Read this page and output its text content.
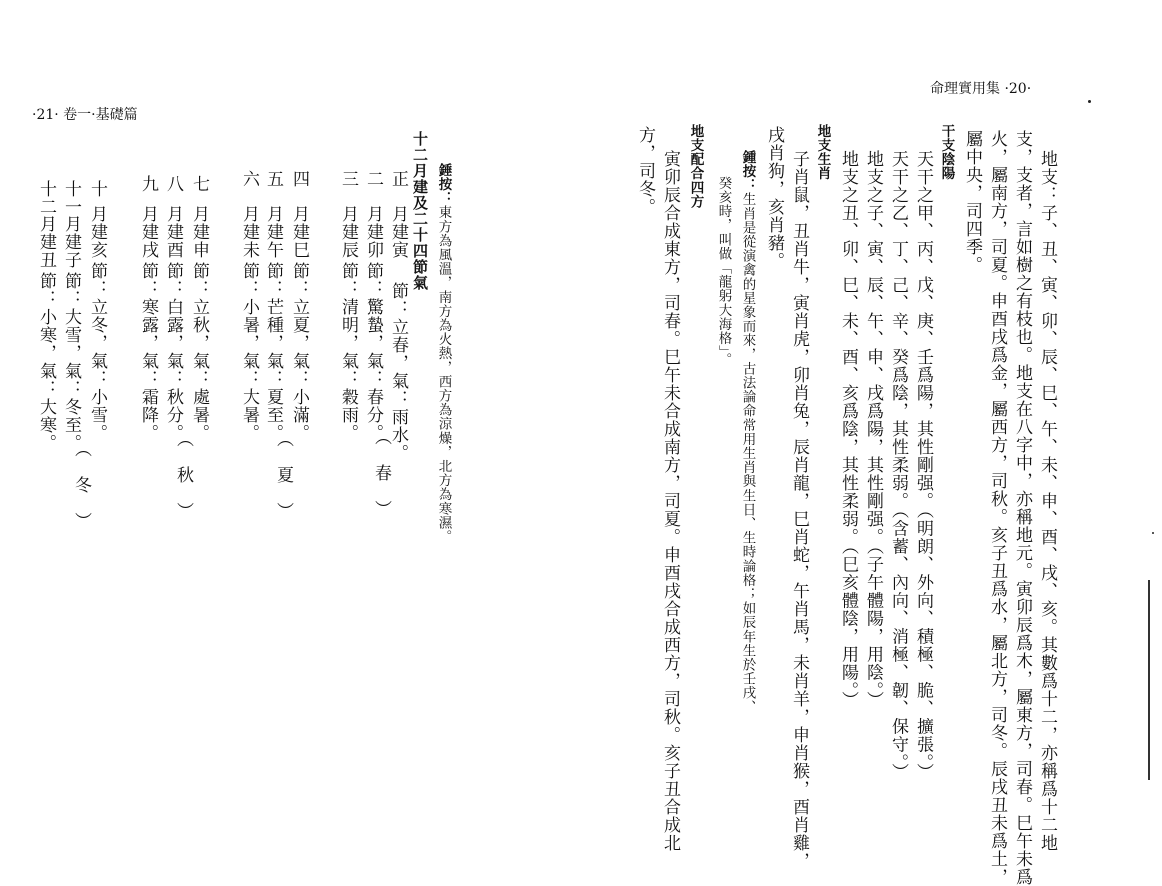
·21· 卷一·基礎篇
錘按：東方為風溫，南方為火熱，西方為涼燥，北方為寒濕。
十二月建及二十四節氣
正
月建寅
節：立春，氣：雨水。
（　春　）
二
月建卯
節：驚蟄，氣：春分。
三
月建辰
節：清明，氣：穀雨。
四
月建巳
節：立夏，氣：小滿。
（　夏　）
五
月建午
節：芒種，氣：夏至。
六
月建未
節：小暑，氣：大暑。
七
月建申
節：立秋，氣：處暑。
（　秋　）
八
月建酉
節：白露，氣：秋分。
九
月建戌
節：寒露，氣：霜降。
十
月建亥
節：立冬，氣：小雪。
（　冬　）
十一
月建子
節：大雪，氣：冬至。
十二
月建丑
節：小寒，氣：大寒。
命理實用集 ·20·
地支：子、丑、寅、卯、辰、巳、午、未、申、酉、戌、亥。其數爲十二，亦稱爲十二地
支，支者，言如樹之有枝也。地支在八字中，亦稱地元。寅卯辰爲木，屬東方，司春。巳午未爲
火，屬南方，司夏。申酉戌爲金，屬西方，司秋。亥子丑爲水，屬北方，司冬。辰戌丑未爲土，
屬中央，司四季。
干支陰陽
天干之甲、丙、戊、庚、壬爲陽，其性剛强。（明朗、外向、積極、脆、擴張。）
天干之乙、丁、己、辛、癸爲陰，其性柔弱。（含蓄、內向、消極、韌、保守。）
地支之子、寅、辰、午、申、戌爲陽，其性剛强。（子午體陽，用陰。）
地支之丑、卯、巳、未、酉、亥爲陰，其性柔弱。（巳亥體陰，用陽。）
地支生肖
子肖鼠，丑肖牛，寅肖虎，卯肖兔，辰肖龍，巳肖蛇，午肖馬，未肖羊，申肖猴，酉肖雞，
戌肖狗，亥肖豬。
鍾按：生肖是從演禽的星象而來，古法論命常用生肖與生日、生時論格；如辰年生於壬戌、
癸亥時，叫做「龍躬大海格」。
地支配合四方
寅卯辰合成東方，司春。巳午未合成南方，司夏。申酉戌合成西方，司秋。亥子丑合成北
方，司冬。
